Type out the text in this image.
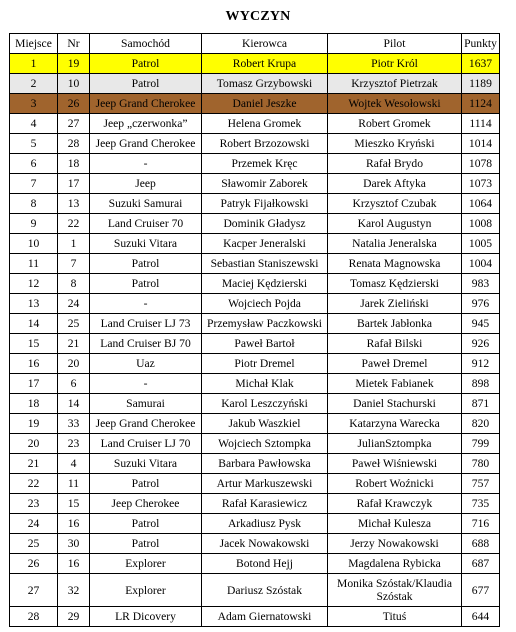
WYCZYN
Miejsce	Nr	Samochód	Kierowca	Pilot	Punkty
1	19	Patrol	Robert Krupa	Piotr Król	1637
2	10	Patrol	Tomasz Grzybowski	Krzysztof Pietrzak	1189
3	26	Jeep Grand Cherokee	Daniel Jeszke	Wojtek Wesołowski	1124
4	27	Jeep „czerwonka”	Helena Gromek	Robert Gromek	1114
5	28	Jeep Grand Cherokee	Robert Brzozowski	Mieszko Kryński	1014
6	18	-	Przemek Kręc	Rafał Brydo	1078
7	17	Jeep	Sławomir Zaborek	Darek Aftyka	1073
8	13	Suzuki Samurai	Patryk Fijałkowski	Krzysztof Czubak	1064
9	22	Land Cruiser 70	Dominik Gładysz	Karol Augustyn	1008
10	1	Suzuki Vitara	Kacper Jeneralski	Natalia Jeneralska	1005
11	7	Patrol	Sebastian Staniszewski	Renata Magnowska	1004
12	8	Patrol	Maciej Kędzierski	Tomasz Kędzierski	983
13	24	-	Wojciech Pojda	Jarek Zieliński	976
14	25	Land Cruiser LJ 73	Przemysław Paczkowski	Bartek Jabłonka	945
15	21	Land Cruiser BJ 70	Paweł Bartoł	Rafał Bilski	926
16	20	Uaz	Piotr Dremel	Paweł Dremel	912
17	6	-	Michał Klak	Mietek Fabianek	898
18	14	Samurai	Karol Leszczyński	Daniel Stachurski	871
19	33	Jeep Grand Cherokee	Jakub Waszkiel	Katarzyna Warecka	820
20	23	Land Cruiser LJ 70	Wojciech Sztompka	JulianSztompka	799
21	4	Suzuki Vitara	Barbara Pawłowska	Paweł Wiśniewski	780
22	11	Patrol	Artur Markuszewski	Robert Woźnicki	757
23	15	Jeep Cherokee	Rafał Karasiewicz	Rafał Krawczyk	735
24	16	Patrol	Arkadiusz Pysk	Michał Kulesza	716
25	30	Patrol	Jacek Nowakowski	Jerzy Nowakowski	688
26	16	Explorer	Botond Hejj	Magdalena Rybicka	687
27	32	Explorer	Dariusz Szóstak	Monika Szóstak/Klaudia Szóstak	677
28	29	LR Dicovery	Adam Giernatowski	Tituś	644
